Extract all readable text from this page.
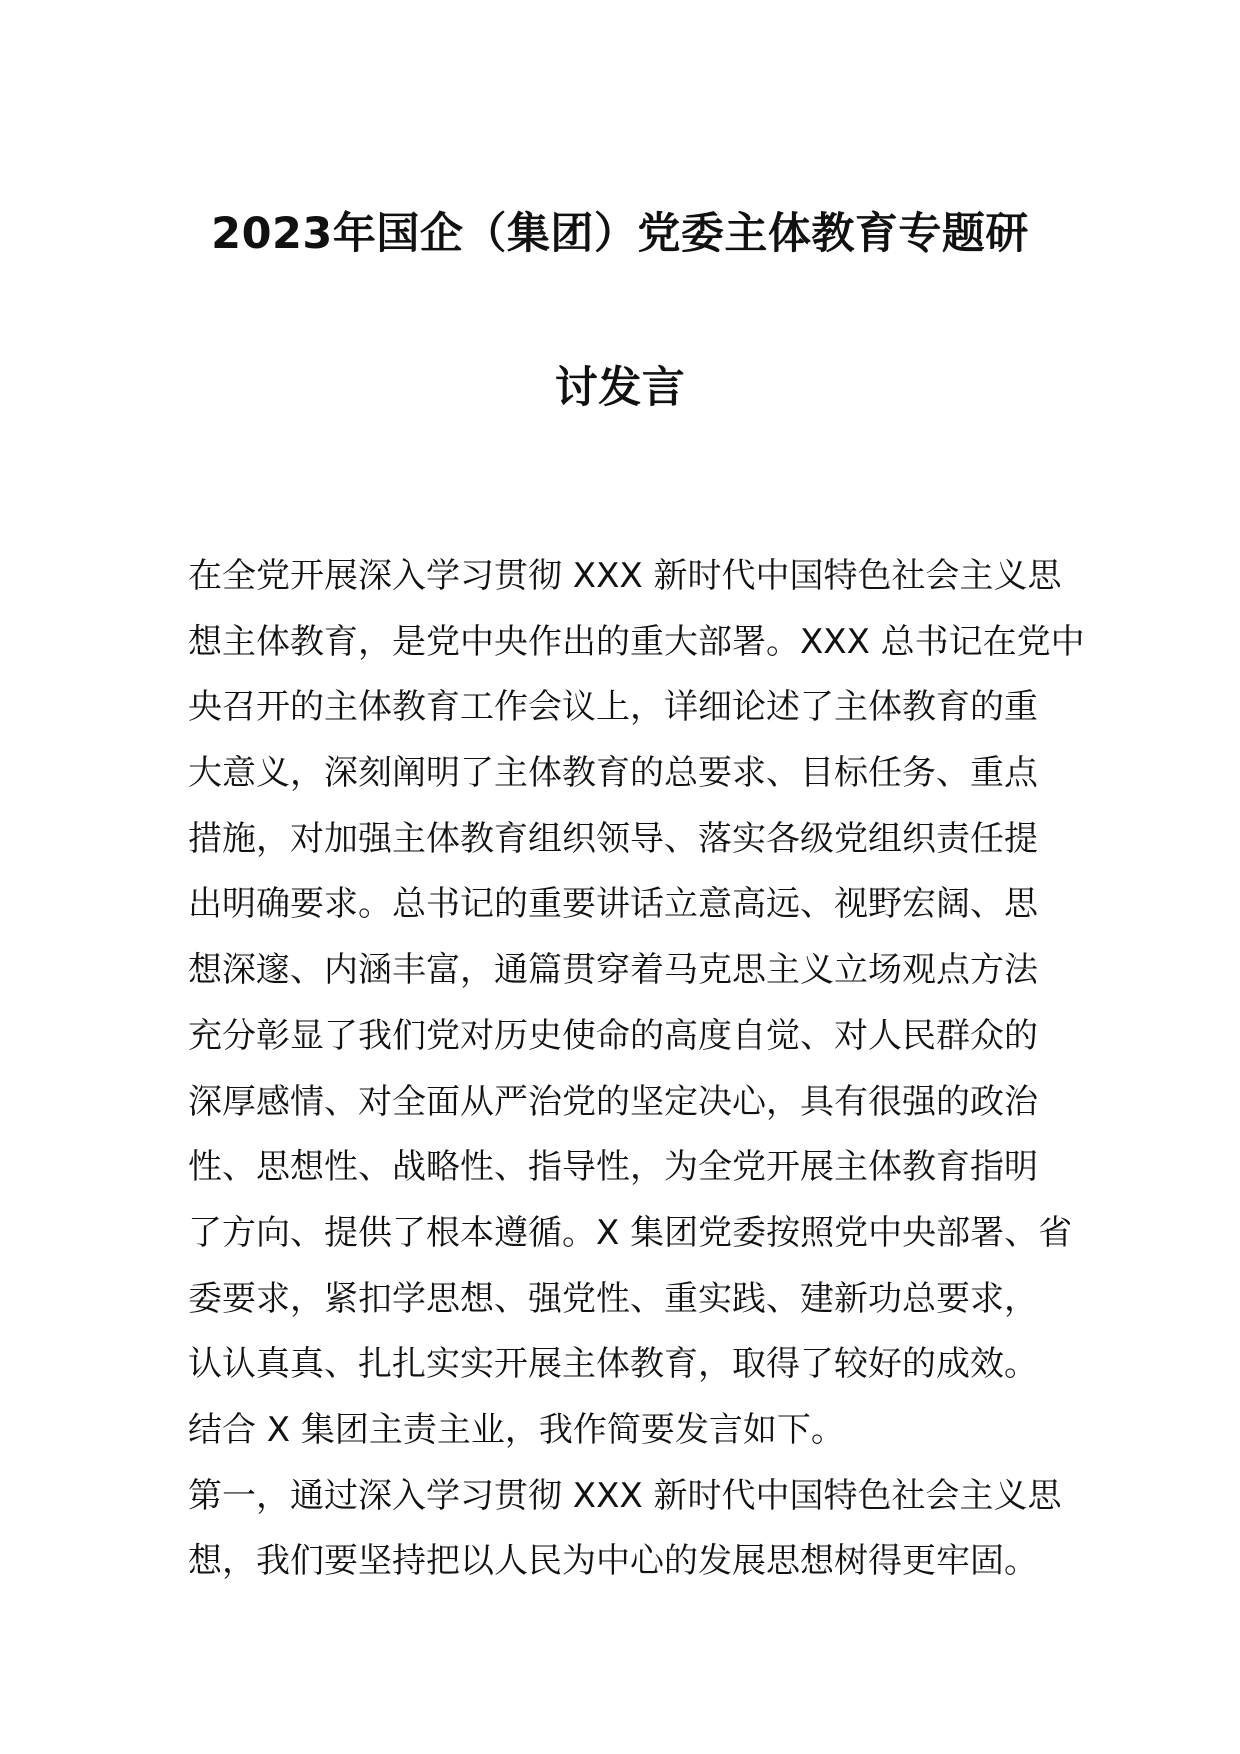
2023年国企（集团）党委主体教育专题研
讨发言
在全党开展深入学习贯彻 XXX 新时代中国特色社会主义思
想主体教育，是党中央作出的重大部署。XXX 总书记在党中
央召开的主体教育工作会议上，详细论述了主体教育的重
大意义，深刻阐明了主体教育的总要求、目标任务、重点
措施，对加强主体教育组织领导、落实各级党组织责任提
出明确要求。总书记的重要讲话立意高远、视野宏阔、思
想深邃、内涵丰富，通篇贯穿着马克思主义立场观点方法
充分彰显了我们党对历史使命的高度自觉、对人民群众的
深厚感情、对全面从严治党的坚定决心，具有很强的政治
性、思想性、战略性、指导性，为全党开展主体教育指明
了方向、提供了根本遵循。X 集团党委按照党中央部署、省
委要求，紧扣学思想、强党性、重实践、建新功总要求，
认认真真、扎扎实实开展主体教育，取得了较好的成效。
结合 X 集团主责主业，我作简要发言如下。
第一，通过深入学习贯彻 XXX 新时代中国特色社会主义思
想，我们要坚持把以人民为中心的发展思想树得更牢固。
